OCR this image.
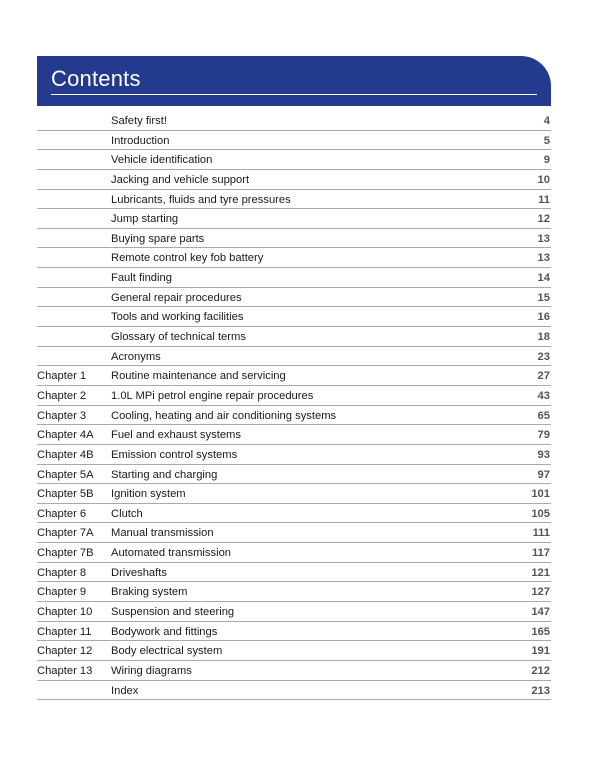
Contents
Safety first!	4
Introduction	5
Vehicle identification	9
Jacking and vehicle support	10
Lubricants, fluids and tyre pressures	11
Jump starting	12
Buying spare parts	13
Remote control key fob battery	13
Fault finding	14
General repair procedures	15
Tools and working facilities	16
Glossary of technical terms	18
Acronyms	23
Chapter 1 Routine maintenance and servicing	27
Chapter 2 1.0L MPi petrol engine repair procedures	43
Chapter 3 Cooling, heating and air conditioning systems	65
Chapter 4A Fuel and exhaust systems	79
Chapter 4B Emission control systems	93
Chapter 5A Starting and charging	97
Chapter 5B Ignition system	101
Chapter 6 Clutch	105
Chapter 7A Manual transmission	111
Chapter 7B Automated transmission	117
Chapter 8 Driveshafts	121
Chapter 9 Braking system	127
Chapter 10 Suspension and steering	147
Chapter 11 Bodywork and fittings	165
Chapter 12 Body electrical system	191
Chapter 13 Wiring diagrams	212
Index	213
